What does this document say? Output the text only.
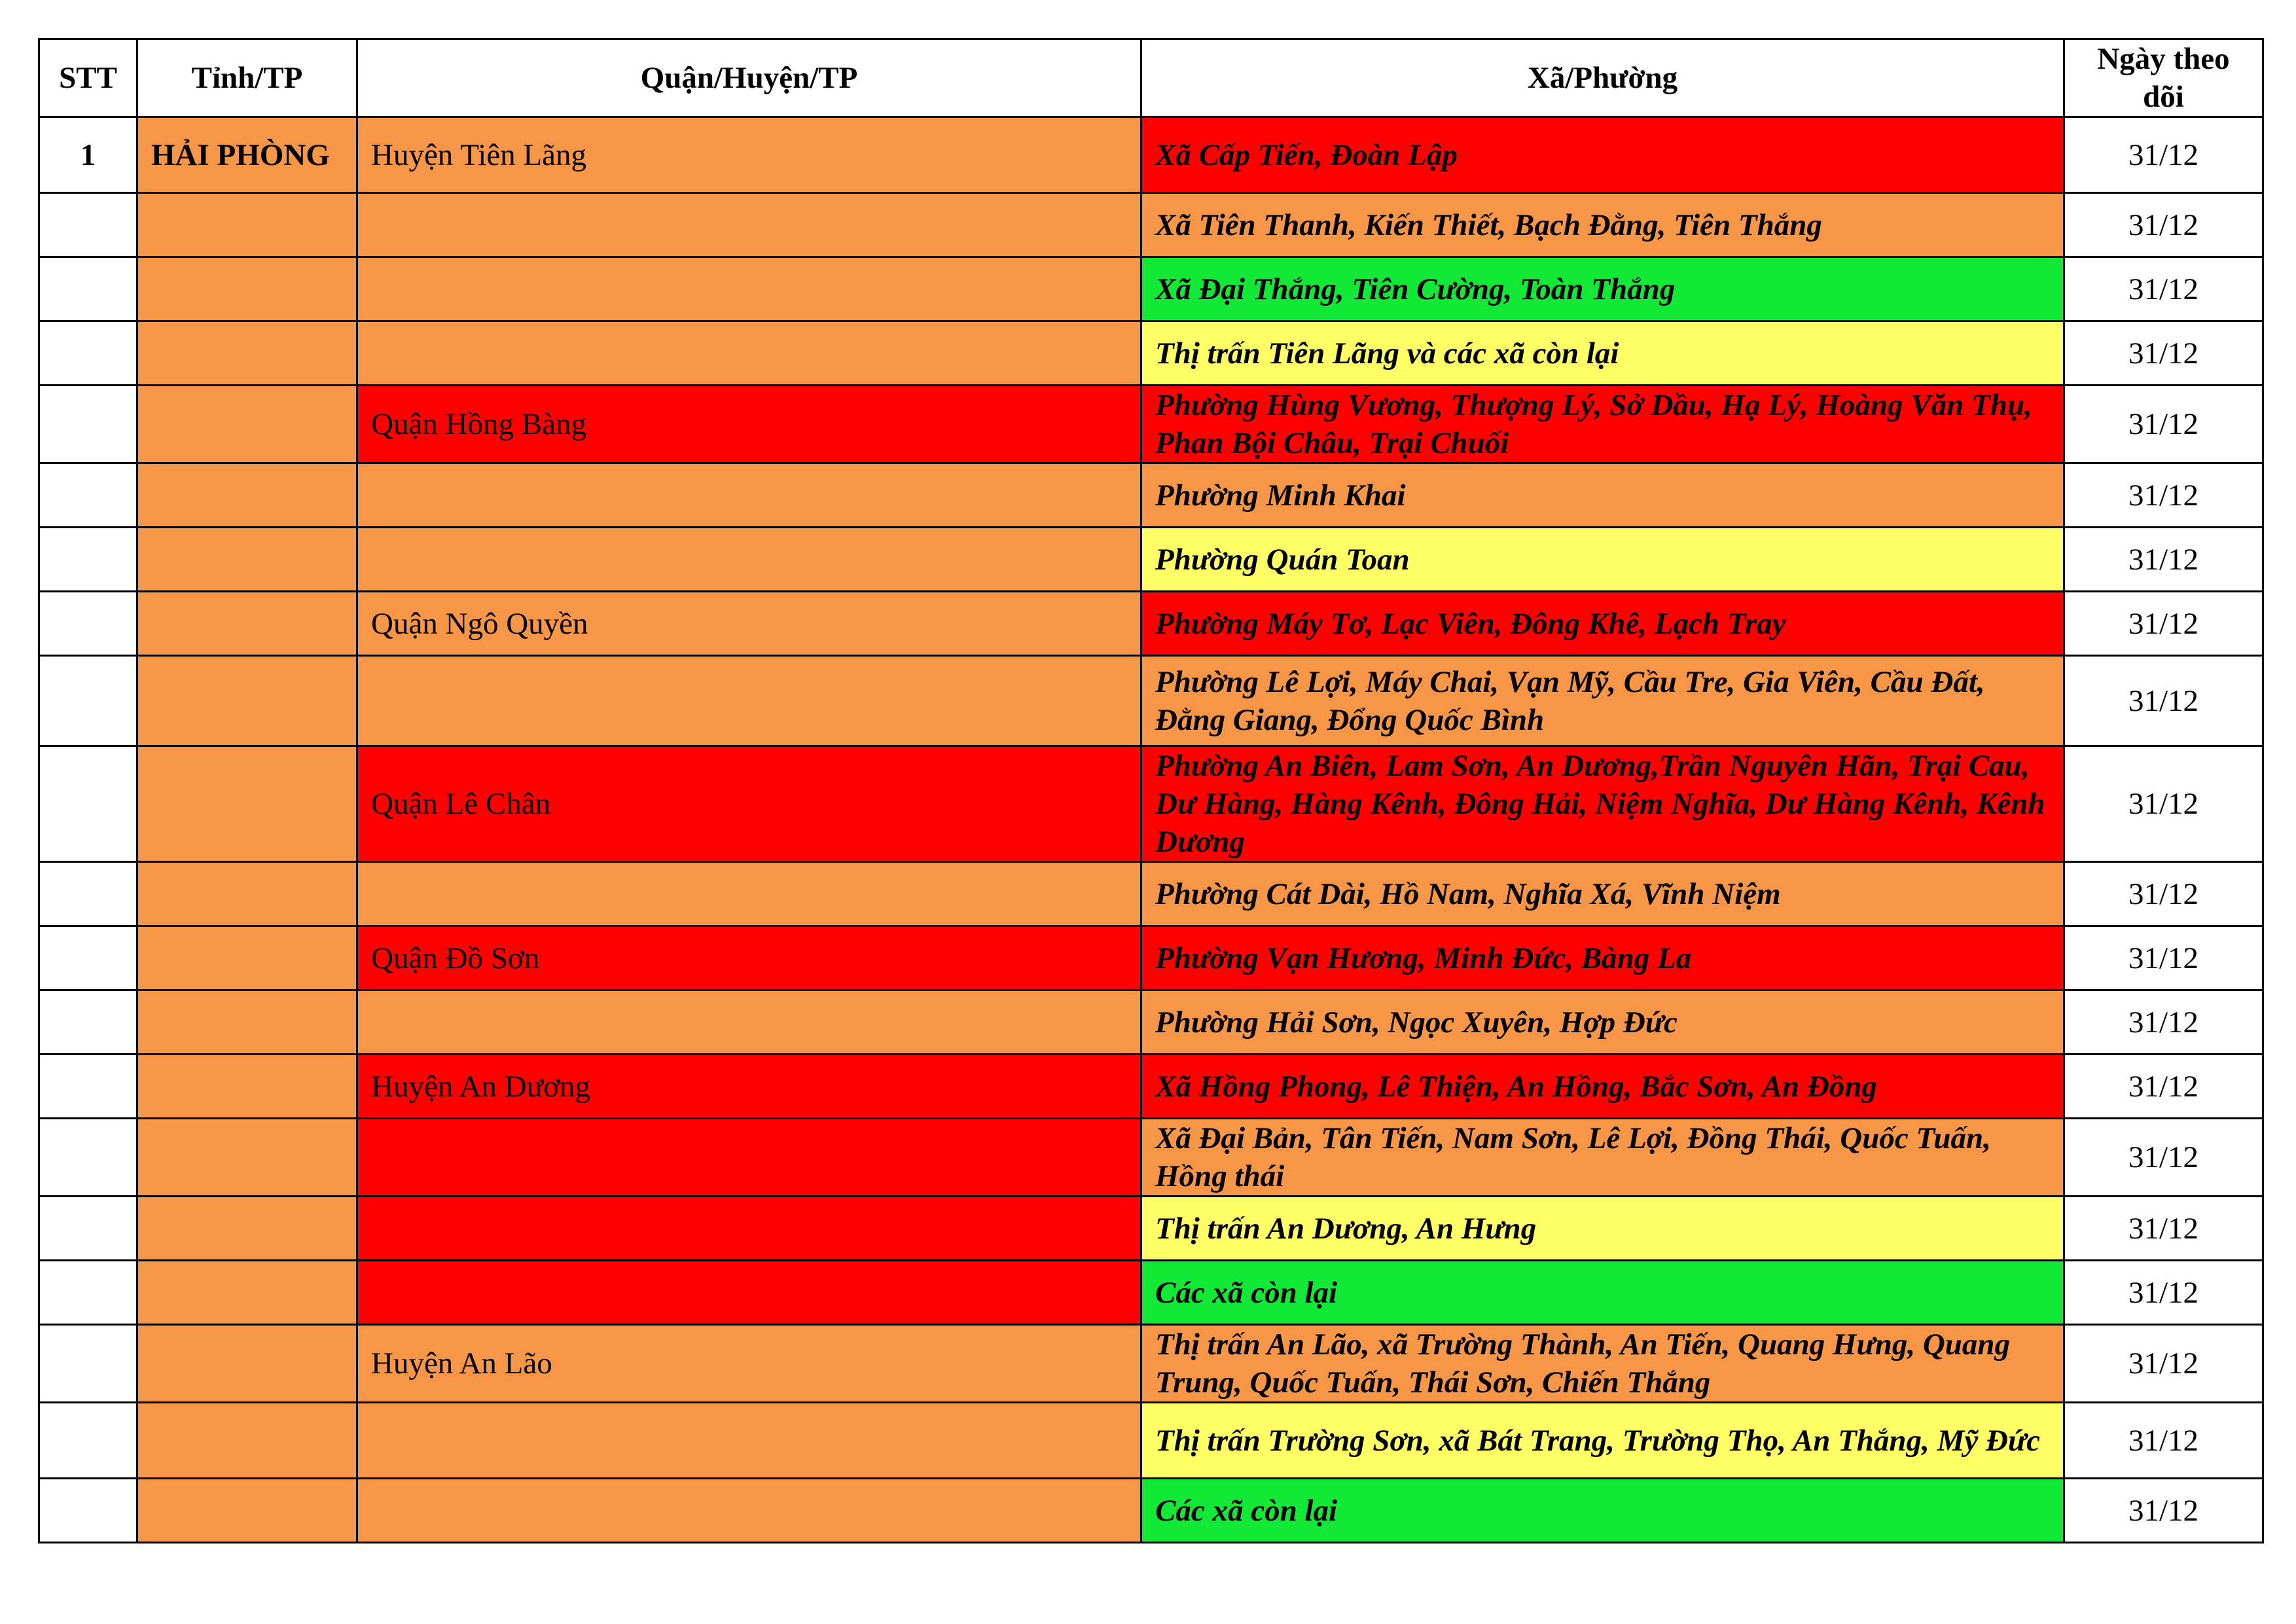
STT	Tỉnh/TP	Quận/Huyện/TP	Xã/Phường	Ngày theo dõi
1	HẢI PHÒNG	Huyện Tiên Lãng	Xã Cấp Tiến, Đoàn Lập	31/12
			Xã Tiên Thanh, Kiến Thiết, Bạch Đằng, Tiên Thắng	31/12
			Xã Đại Thắng, Tiên Cường, Toàn Thắng	31/12
			Thị trấn Tiên Lãng và các xã còn lại	31/12
		Quận Hồng Bàng	Phường Hùng Vương, Thượng Lý, Sở Dầu, Hạ Lý, Hoàng Văn Thụ, Phan Bội Châu, Trại Chuối	31/12
			Phường Minh Khai	31/12
			Phường Quán Toan	31/12
		Quận Ngô Quyền	Phường Máy Tơ, Lạc Viên, Đông Khê, Lạch Tray	31/12
			Phường Lê Lợi, Máy Chai, Vạn Mỹ, Cầu Tre, Gia Viên, Cầu Đất, Đằng Giang, Đổng Quốc Bình	31/12
		Quận Lê Chân	Phường An Biên, Lam Sơn, An Dương,Trần Nguyên Hãn, Trại Cau, Dư Hàng, Hàng Kênh, Đông Hải, Niệm Nghĩa, Dư Hàng Kênh, Kênh Dương	31/12
			Phường Cát Dài, Hồ Nam, Nghĩa Xá, Vĩnh Niệm	31/12
		Quận Đồ Sơn	Phường Vạn Hương, Minh Đức, Bàng La	31/12
			Phường Hải Sơn, Ngọc Xuyên, Hợp Đức	31/12
		Huyện An Dương	Xã Hồng Phong, Lê Thiện, An Hồng, Bắc Sơn, An Đồng	31/12
			Xã Đại Bản, Tân Tiến, Nam Sơn, Lê Lợi, Đồng Thái, Quốc Tuấn, Hồng thái	31/12
			Thị trấn An Dương, An Hưng	31/12
			Các xã còn lại	31/12
		Huyện An Lão	Thị trấn An Lão, xã Trường Thành, An Tiến, Quang Hưng, Quang Trung, Quốc Tuấn, Thái Sơn, Chiến Thắng	31/12
			Thị trấn Trường Sơn, xã Bát Trang, Trường Thọ, An Thắng, Mỹ Đức	31/12
			Các xã còn lại	31/12
